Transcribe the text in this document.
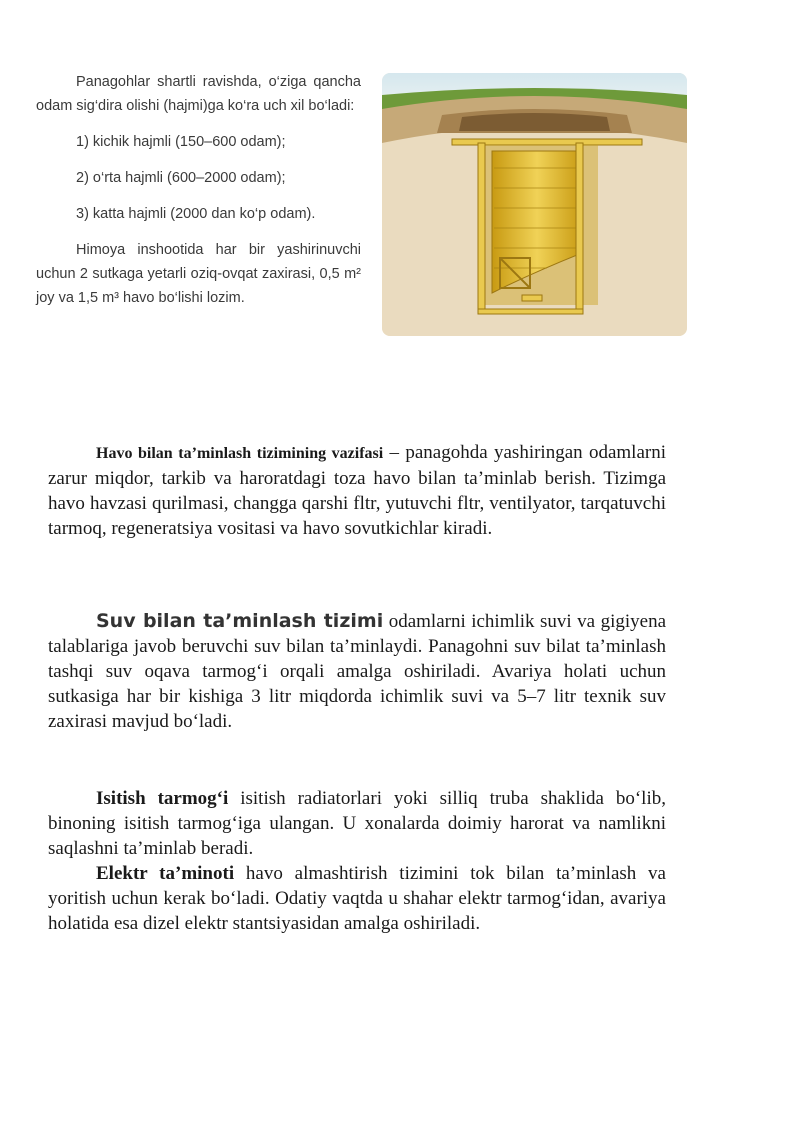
Panagohlar shartli ravishda, o‘ziga qancha odam sig‘dira olishi (hajmi)ga ko‘ra uch xil bo‘ladi:

1) kichik hajmli (150–600 odam);

2) o‘rta hajmli (600–2000 odam);

3) katta hajmli (2000 dan ko‘p odam).

Himoya inshootida har bir yashirinuvchi uchun 2 sutkaga yetarli oziq-ovqat zaxirasi, 0,5 m² joy va 1,5 m³ havo bo‘lishi lozim.

Havo bilan ta’minlash tizimining vazifasi – panagohda yashiringan odamlarni zarur miqdor, tarkib va haroratdagi toza havo bilan ta’minlab berish. Tizimga havo havzasi qurilmasi, changga qarshi fltr, yutuvchi fltr, ventilyator, tarqatuvchi tarmoq, regeneratsiya vositasi va havo sovutkichlar kiradi.

Suv bilan ta’minlash tizimi odamlarni ichimlik suvi va gigiyena talablariga javob beruvchi suv bilan ta’minlaydi. Panagohni suv bilat ta’minlash tashqi suv oqava tarmog‘i orqali amalga oshiriladi. Avariya holati uchun sutkasiga har bir kishiga 3 litr miqdorda ichimlik suvi va 5–7 litr texnik suv zaxirasi mavjud bo‘ladi.

Isitish tarmog‘i isitish radiatorlari yoki silliq truba shaklida bo‘lib, binoning isitish tarmog‘iga ulangan. U xonalarda doimiy harorat va namlikni saqlashni ta’minlab beradi.

Elektr ta’minoti havo almashtirish tizimini tok bilan ta’minlash va yoritish uchun kerak bo‘ladi. Odatiy vaqtda u shahar elektr tarmog‘idan, avariya holatida esa dizel elektr stantsiyasidan amalga oshiriladi.
